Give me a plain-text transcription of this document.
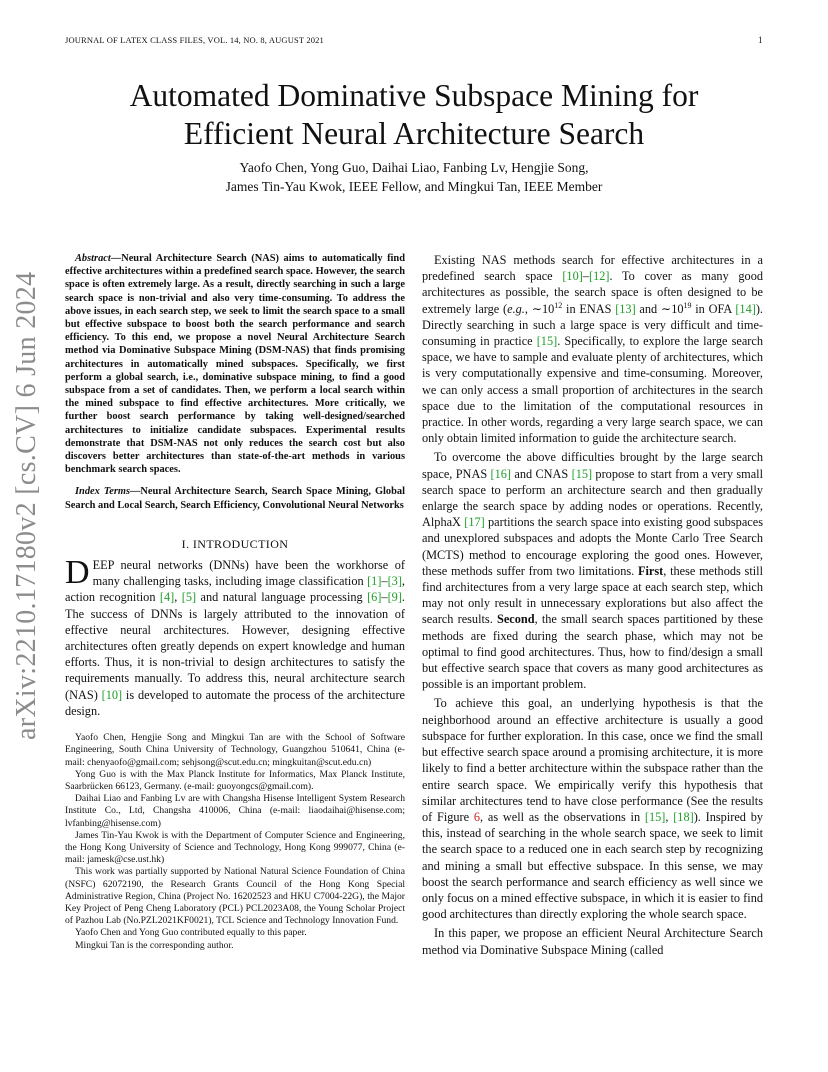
JOURNAL OF LATEX CLASS FILES, VOL. 14, NO. 8, AUGUST 2021	1
arXiv:2210.17180v2 [cs.CV] 6 Jun 2024
Automated Dominative Subspace Mining for
Efficient Neural Architecture Search
Yaofo Chen, Yong Guo, Daihai Liao, Fanbing Lv, Hengjie Song,
James Tin-Yau Kwok, IEEE Fellow, and Mingkui Tan, IEEE Member

Abstract—Neural Architecture Search (NAS) aims to automatically find effective architectures within a predefined search space. However, the search space is often extremely large. As a result, directly searching in such a large search space is non-trivial and also very time-consuming. To address the above issues, in each search step, we seek to limit the search space to a small but effective subspace to boost both the search performance and search efficiency. To this end, we propose a novel Neural Architecture Search method via Dominative Subspace Mining (DSM-NAS) that finds promising architectures in automatically mined subspaces. Specifically, we first perform a global search, i.e., dominative subspace mining, to find a good subspace from a set of candidates. Then, we perform a local search within the mined subspace to find effective architectures. More critically, we further boost search performance by taking well-designed/searched architectures to initialize candidate subspaces. Experimental results demonstrate that DSM-NAS not only reduces the search cost but also discovers better architectures than state-of-the-art methods in various benchmark search spaces.

Index Terms—Neural Architecture Search, Search Space Mining, Global Search and Local Search, Search Efficiency, Convolutional Neural Networks

I. INTRODUCTION

DEEP neural networks (DNNs) have been the workhorse of many challenging tasks, including image classification [1]–[3], action recognition [4], [5] and natural language processing [6]–[9]. The success of DNNs is largely attributed to the innovation of effective neural architectures. However, designing effective architectures often greatly depends on expert knowledge and human efforts. Thus, it is non-trivial to design architectures to satisfy the requirements manually. To address this, neural architecture search (NAS) [10] is developed to automate the process of the architecture design.

Yaofo Chen, Hengjie Song and Mingkui Tan are with the School of Software Engineering, South China University of Technology, Guangzhou 510641, China (e-mail: chenyaofo@gmail.com; sehjsong@scut.edu.cn; mingkuitan@scut.edu.cn)

Yong Guo is with the Max Planck Institute for Informatics, Max Planck Institute, Saarbrücken 66123, Germany. (e-mail: guoyongcs@gmail.com).

Daihai Liao and Fanbing Lv are with Changsha Hisense Intelligent System Research Institute Co., Ltd, Changsha 410006, China (e-mail: liaodaihai@hisense.com; lvfanbing@hisense.com)

James Tin-Yau Kwok is with the Department of Computer Science and Engineering, the Hong Kong University of Science and Technology, Hong Kong 999077, China (e-mail: jamesk@cse.ust.hk)

This work was partially supported by National Natural Science Foundation of China (NSFC) 62072190, the Research Grants Council of the Hong Kong Special Administrative Region, China (Project No. 16202523 and HKU C7004-22G), the Major Key Project of Peng Cheng Laboratory (PCL) PCL2023A08, the Young Scholar Project of Pazhou Lab (No.PZL2021KF0021), TCL Science and Technology Innovation Fund.

Yaofo Chen and Yong Guo contributed equally to this paper.

Mingkui Tan is the corresponding author.

Existing NAS methods search for effective architectures in a predefined search space [10]–[12]. To cover as many good architectures as possible, the search space is often designed to be extremely large (e.g., $\sim 10^{12}$ in ENAS [13] and $\sim 10^{19}$ in OFA [14]). Directly searching in such a large space is very difficult and time-consuming in practice [15]. Specifically, to explore the large search space, we have to sample and evaluate plenty of architectures, which is very computationally expensive and time-consuming. Moreover, we can only access a small proportion of architectures in the search space due to the limitation of the computational resources in practice. In other words, regarding a very large search space, we can only obtain limited information to guide the architecture search.

To overcome the above difficulties brought by the large search space, PNAS [16] and CNAS [15] propose to start from a very small search space to perform an architecture search and then gradually enlarge the search space by adding nodes or operations. Recently, AlphaX [17] partitions the search space into existing good subspaces and unexplored subspaces and adopts the Monte Carlo Tree Search (MCTS) method to encourage exploring the good ones. However, these methods suffer from two limitations. First, these methods still find architectures from a very large space at each search step, which may not only result in unnecessary explorations but also affect the search results. Second, the small search spaces partitioned by these methods are fixed during the search phase, which may not be optimal to find good architectures. Thus, how to find/design a small but effective search space that covers as many good architectures as possible is an important problem.

To achieve this goal, an underlying hypothesis is that the neighborhood around an effective architecture is usually a good subspace for further exploration. In this case, once we find the small but effective search space around a promising architecture, it is more likely to find a better architecture within the subspace rather than the entire search space. We empirically verify this hypothesis that similar architectures tend to have close performance (See the results of Figure 6, as well as the observations in [15], [18]). Inspired by this, instead of searching in the whole search space, we seek to limit the search space to a reduced one in each search step by recognizing and mining a small but effective subspace. In this sense, we may boost the search performance and search efficiency as well since we only focus on a mined effective subspace, in which it is easier to find good architectures than directly exploring the whole search space.

In this paper, we propose an efficient Neural Architecture Search method via Dominative Subspace Mining (called
